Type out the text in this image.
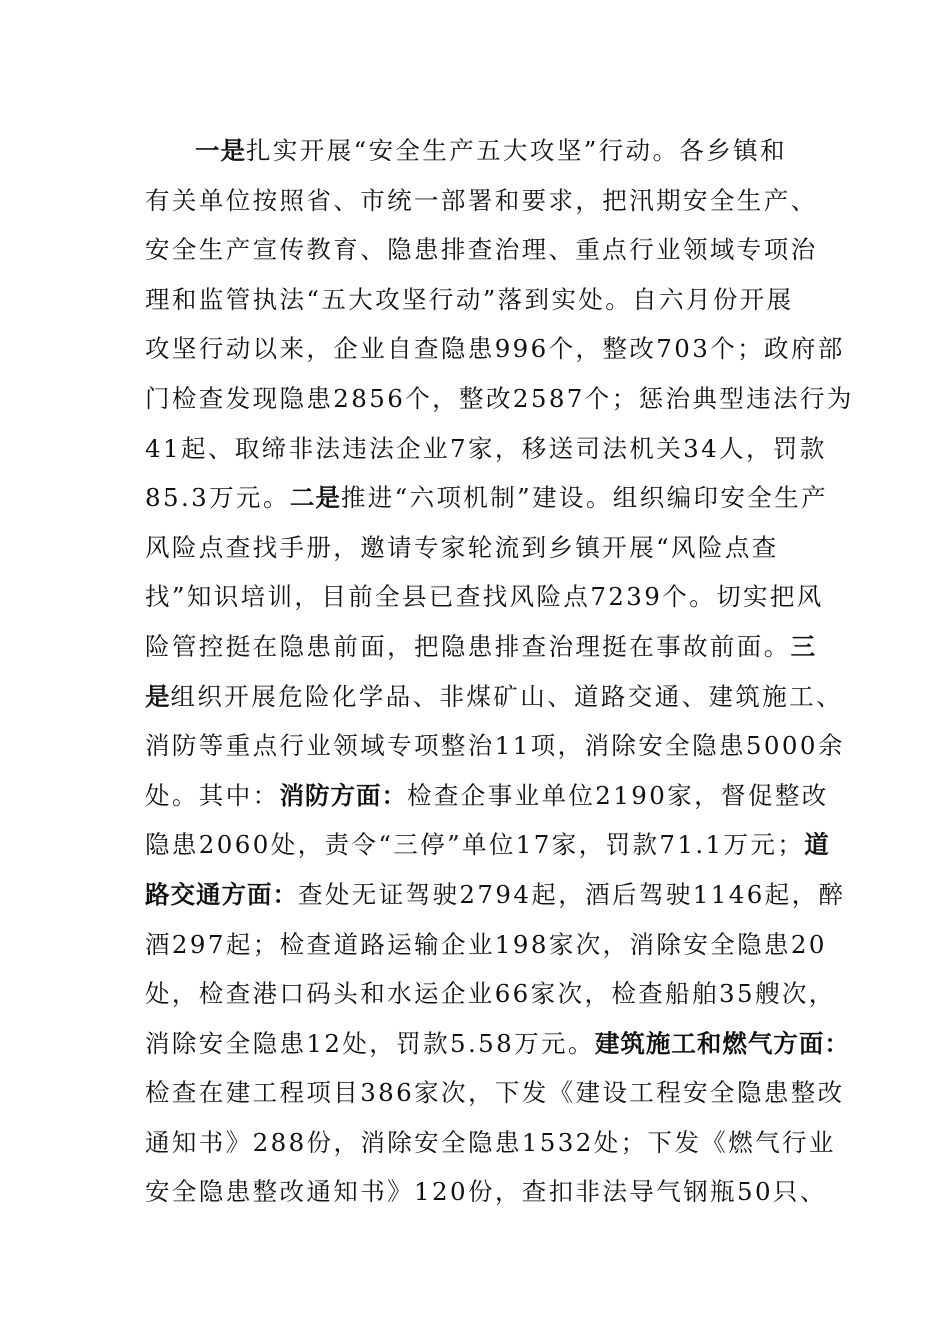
一是扎实开展“安全生产五大攻坚”行动。各乡镇和
有关单位按照省、市统一部署和要求，把汛期安全生产、
安全生产宣传教育、隐患排查治理、重点行业领域专项治
理和监管执法“五大攻坚行动”落到实处。自六月份开展
攻坚行动以来，企业自查隐患996个，整改703个；政府部
门检查发现隐患2856个，整改2587个；惩治典型违法行为
41起、取缔非法违法企业7家，移送司法机关34人，罚款
85.3万元。二是推进“六项机制”建设。组织编印安全生产
风险点查找手册，邀请专家轮流到乡镇开展“风险点查
找”知识培训，目前全县已查找风险点7239个。切实把风
险管控挺在隐患前面，把隐患排查治理挺在事故前面。三
是组织开展危险化学品、非煤矿山、道路交通、建筑施工、
消防等重点行业领域专项整治11项，消除安全隐患5000余
处。其中：消防方面：检查企事业单位2190家，督促整改
隐患2060处，责令“三停”单位17家，罚款71.1万元；道
路交通方面：查处无证驾驶2794起，酒后驾驶1146起，醉
酒297起；检查道路运输企业198家次，消除安全隐患20
处，检查港口码头和水运企业66家次，检查船舶35艘次，
消除安全隐患12处，罚款5.58万元。建筑施工和燃气方面：
检查在建工程项目386家次，下发《建设工程安全隐患整改
通知书》288份，消除安全隐患1532处；下发《燃气行业
安全隐患整改通知书》120份，查扣非法导气钢瓶50只、
